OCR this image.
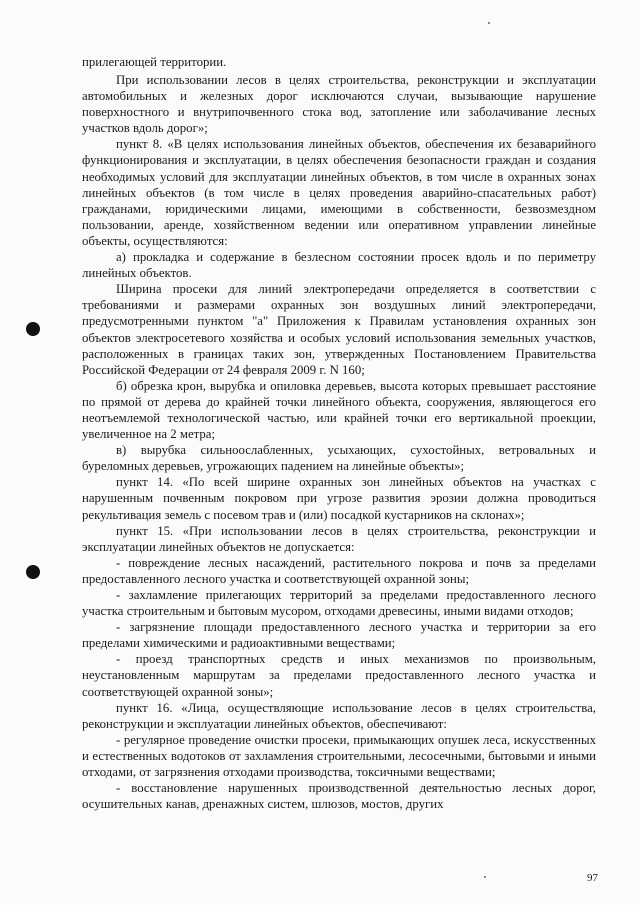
прилегающей территории.

При использовании лесов в целях строительства, реконструкции и эксплуатации автомобильных и железных дорог исключаются случаи, вызывающие нарушение поверхностного и внутрипочвенного стока вод, затопление или заболачивание лесных участков вдоль дорог»;

пункт 8. «В целях использования линейных объектов, обеспечения их безаварийного функционирования и эксплуатации, в целях обеспечения безопасности граждан и создания необходимых условий для эксплуатации линейных объектов, в том числе в охранных зонах линейных объектов (в том числе в целях проведения аварийно-спасательных работ) гражданами, юридическими лицами, имеющими в собственности, безвозмездном пользовании, аренде, хозяйственном ведении или оперативном управлении линейные объекты, осуществляются:

а) прокладка и содержание в безлесном состоянии просек вдоль и по периметру линейных объектов.

Ширина просеки для линий электропередачи определяется в соответствии с требованиями и размерами охранных зон воздушных линий электропередачи, предусмотренными пунктом "а" Приложения к Правилам установления охранных зон объектов электросетевого хозяйства и особых условий использования земельных участков, расположенных в границах таких зон, утвержденных Постановлением Правительства Российской Федерации от 24 февраля 2009 г. N 160;

б) обрезка крон, вырубка и опиловка деревьев, высота которых превышает расстояние по прямой от дерева до крайней точки линейного объекта, сооружения, являющегося его неотъемлемой технологической частью, или крайней точки его вертикальной проекции, увеличенное на 2 метра;

в) вырубка сильноослабленных, усыхающих, сухостойных, ветровальных и буреломных деревьев, угрожающих падением на линейные объекты»;

пункт 14. «По всей ширине охранных зон линейных объектов на участках с нарушенным почвенным покровом при угрозе развития эрозии должна проводиться рекультивация земель с посевом трав и (или) посадкой кустарников на склонах»;

пункт 15. «При использовании лесов в целях строительства, реконструкции и эксплуатации линейных объектов не допускается:

- повреждение лесных насаждений, растительного покрова и почв за пределами предоставленного лесного участка и соответствующей охранной зоны;

- захламление прилегающих территорий за пределами предоставленного лесного участка строительным и бытовым мусором, отходами древесины, иными видами отходов;

- загрязнение площади предоставленного лесного участка и территории за его пределами химическими и радиоактивными веществами;

- проезд транспортных средств и иных механизмов по произвольным, неустановленным маршрутам за пределами предоставленного лесного участка и соответствующей охранной зоны»;

пункт 16. «Лица, осуществляющие использование лесов в целях строительства, реконструкции и эксплуатации линейных объектов, обеспечивают:

- регулярное проведение очистки просеки, примыкающих опушек леса, искусственных и естественных водотоков от захламления строительными, лесосечными, бытовыми и иными отходами, от загрязнения отходами производства, токсичными веществами;

- восстановление нарушенных производственной деятельностью лесных дорог, осушительных канав, дренажных систем, шлюзов, мостов, других

97
